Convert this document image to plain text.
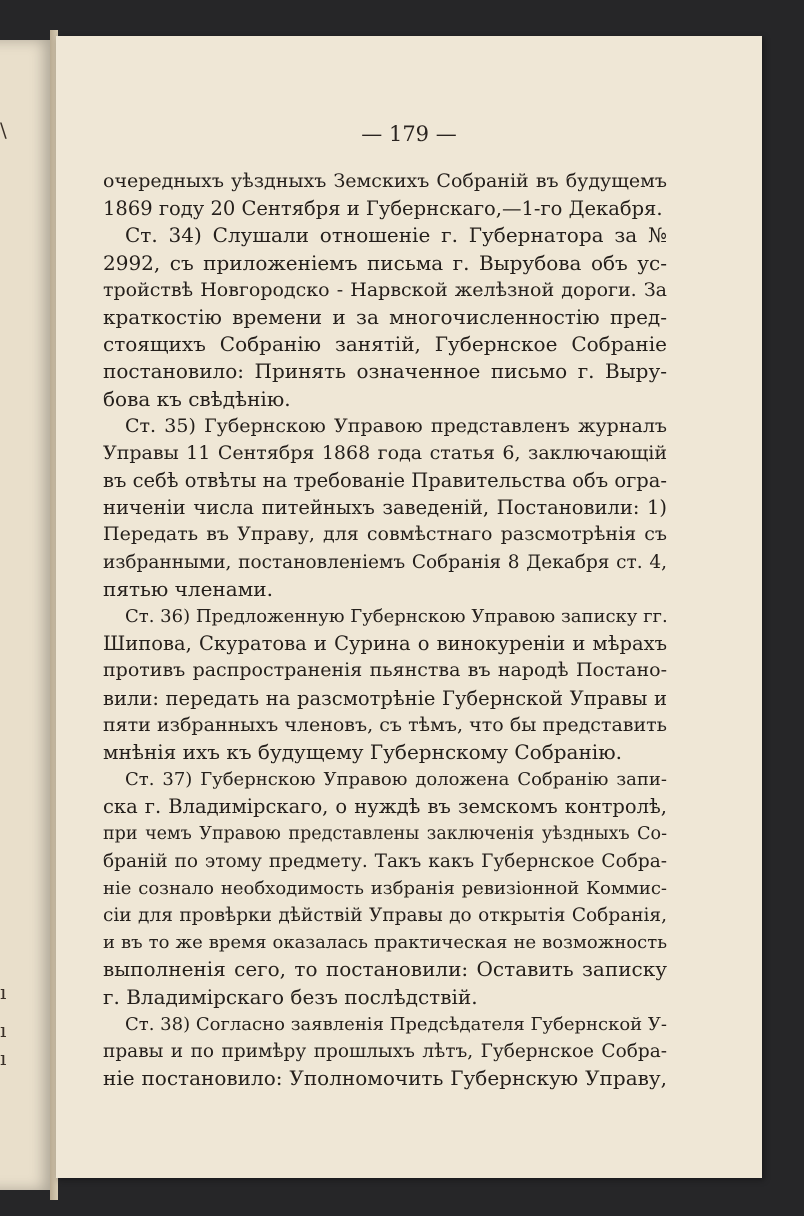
\
ı
ı
ı
— 179 —
очередныхъ уѣздныхъ Земскихъ Собраній въ будущемъ
1869 году 20 Сентября и Губернскаго,—1-го Декабря.
Ст. 34) Слушали отношеніе г. Губернатора за №
2992, съ приложеніемъ письма г. Вырубова объ ус-
тройствѣ Новгородско - Нарвской желѣзной дороги. За
краткостію времени и за многочисленностію пред-
стоящихъ Собранію занятій, Губернское Собраніе
постановило: Принять означенное письмо г. Выру-
бова къ свѣдѣнію.
Ст. 35) Губернскою Управою представленъ журналъ
Управы 11 Сентября 1868 года статья 6, заключающій
въ себѣ отвѣты на требованіе Правительства объ огра-
ниченіи числа питейныхъ заведеній, Постановили: 1)
Передать въ Управу, для совмѣстнаго разсмотрѣнія съ
избранными, постановленіемъ Собранія 8 Декабря ст. 4,
пятью членами.
Ст. 36) Предложенную Губернскою Управою записку гг.
Шипова, Скуратова и Сурина о винокуреніи и мѣрахъ
противъ распространенія пьянства въ народѣ Постано-
вили: передать на разсмотрѣніе Губернской Управы и
пяти избранныхъ членовъ, съ тѣмъ, что бы представить
мнѣнія ихъ къ будущему Губернскому Собранію.
Ст. 37) Губернскою Управою доложена Собранію запи-
ска г. Владимірскаго, о нуждѣ въ земскомъ контролѣ,
при чемъ Управою представлены заключенія уѣздныхъ Со-
браній по этому предмету. Такъ какъ Губернское Собра-
ніе сознало необходимость избранія ревизіонной Коммис-
сіи для провѣрки дѣйствій Управы до открытія Собранія,
и въ то же время оказалась практическая не возможность
выполненія сего, то постановили: Оставить записку
г. Владимірскаго безъ послѣдствій.
Ст. 38) Согласно заявленія Предсѣдателя Губернской У-
правы и по примѣру прошлыхъ лѣтъ, Губернское Собра-
ніе постановило: Уполномочить Губернскую Управу,
